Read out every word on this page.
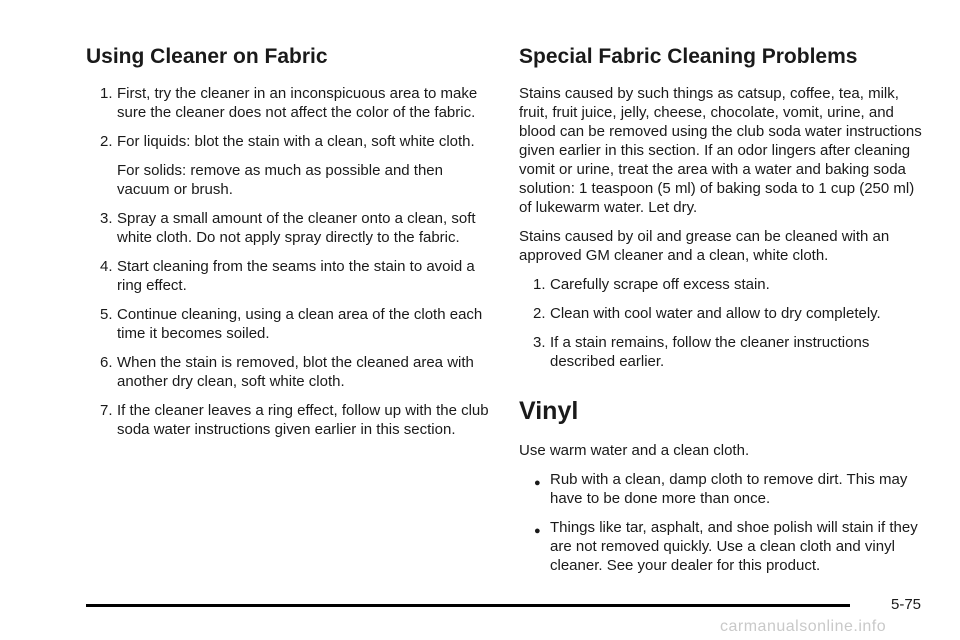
Using Cleaner on Fabric
1. First, try the cleaner in an inconspicuous area to make sure the cleaner does not affect the color of the fabric.
2. For liquids: blot the stain with a clean, soft white cloth.

For solids: remove as much as possible and then vacuum or brush.

3. Spray a small amount of the cleaner onto a clean, soft white cloth. Do not apply spray directly to the fabric.
4. Start cleaning from the seams into the stain to avoid a ring effect.
5. Continue cleaning, using a clean area of the cloth each time it becomes soiled.
6. When the stain is removed, blot the cleaned area with another dry clean, soft white cloth.
7. If the cleaner leaves a ring effect, follow up with the club soda water instructions given earlier in this section.
Special Fabric Cleaning Problems

Stains caused by such things as catsup, coffee, tea, milk, fruit, fruit juice, jelly, cheese, chocolate, vomit, urine, and blood can be removed using the club soda water instructions given earlier in this section. If an odor lingers after cleaning vomit or urine, treat the area with a water and baking soda solution: 1 teaspoon (5 ml) of baking soda to 1 cup (250 ml) of lukewarm water. Let dry.

Stains caused by oil and grease can be cleaned with an approved GM cleaner and a clean, white cloth.

1. Carefully scrape off excess stain.
2. Clean with cool water and allow to dry completely.
3. If a stain remains, follow the cleaner instructions described earlier.
Vinyl

Use warm water and a clean cloth.

● Rub with a clean, damp cloth to remove dirt. This may have to be done more than once.
● Things like tar, asphalt, and shoe polish will stain if they are not removed quickly. Use a clean cloth and vinyl cleaner. See your dealer for this product.
5-75
carmanualsonline.info
